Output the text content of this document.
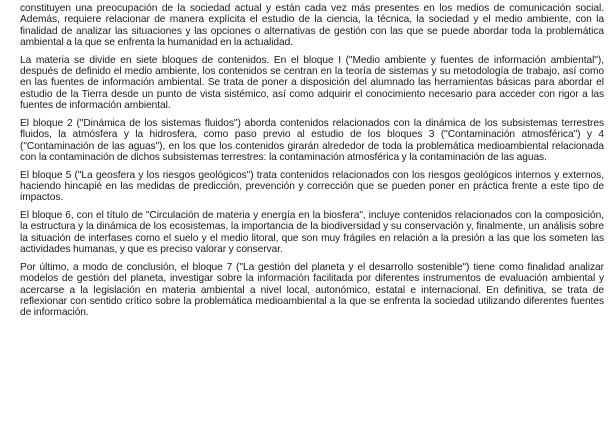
constituyen una preocupación de la sociedad actual y están cada vez más presentes en los medios de comunicación social. Además, requiere relacionar de manera explícita el estudio de la ciencia, la técnica, la sociedad y el medio ambiente, con la finalidad de analizar las situaciones y las opciones o alternativas de gestión con las que se puede abordar toda la problemática ambiental a la que se enfrenta la humanidad en la actualidad.

La materia se divide en siete bloques de contenidos. En el bloque I ("Medio ambiente y fuentes de información ambiental"), después de definido el medio ambiente, los contenidos se centran en la teoría de sistemas y su metodología de trabajo, así como en las fuentes de información ambiental. Se trata de poner a disposición del alumnado las herramientas básicas para abordar el estudio de la Tierra desde un punto de vista sistémico, así como adquirir el conocimiento necesario para acceder con rigor a las fuentes de información ambiental.

El bloque 2 ("Dinámica de los sistemas fluidos") aborda contenidos relacionados con la dinámica de los subsistemas terrestres fluidos, la atmósfera y la hidrosfera, como paso previo al estudio de los bloques 3 ("Contaminación atmosférica") y 4 ("Contaminación de las aguas"), en los que los contenidos girarán alrededor de toda la problemática medioambiental relacionada con la contaminación de dichos subsistemas terrestres: la contaminación atmosférica y la contaminación de las aguas.

El bloque 5 ("La geosfera y los riesgos geológicos") trata contenidos relacionados con los riesgos geológicos internos y externos, haciendo hincapié en las medidas de predicción, prevención y corrección que se pueden poner en práctica frente a este tipo de impactos.

El bloque 6, con el título de "Circulación de materia y energía en la biosfera", incluye contenidos relacionados con la composición, la estructura y la dinámica de los ecosistemas, la importancia de la biodiversidad y su conservación y, finalmente, un análisis sobre la situación de interfases como el suelo y el medio litoral, que son muy frágiles en relación a la presión a las que los someten las actividades humanas, y que es preciso valorar y conservar.

Por último, a modo de conclusión, el bloque 7 ("La gestión del planeta y el desarrollo sostenible") tiene como finalidad analizar modelos de gestión del planeta, investigar sobre la información facilitada por diferentes instrumentos de evaluación ambiental y acercarse a la legislación en materia ambiental a nivel local, autonómico, estatal e internacional. En definitiva, se trata de reflexionar con sentido crítico sobre la problemática medioambiental a la que se enfrenta la sociedad utilizando diferentes fuentes de información.
